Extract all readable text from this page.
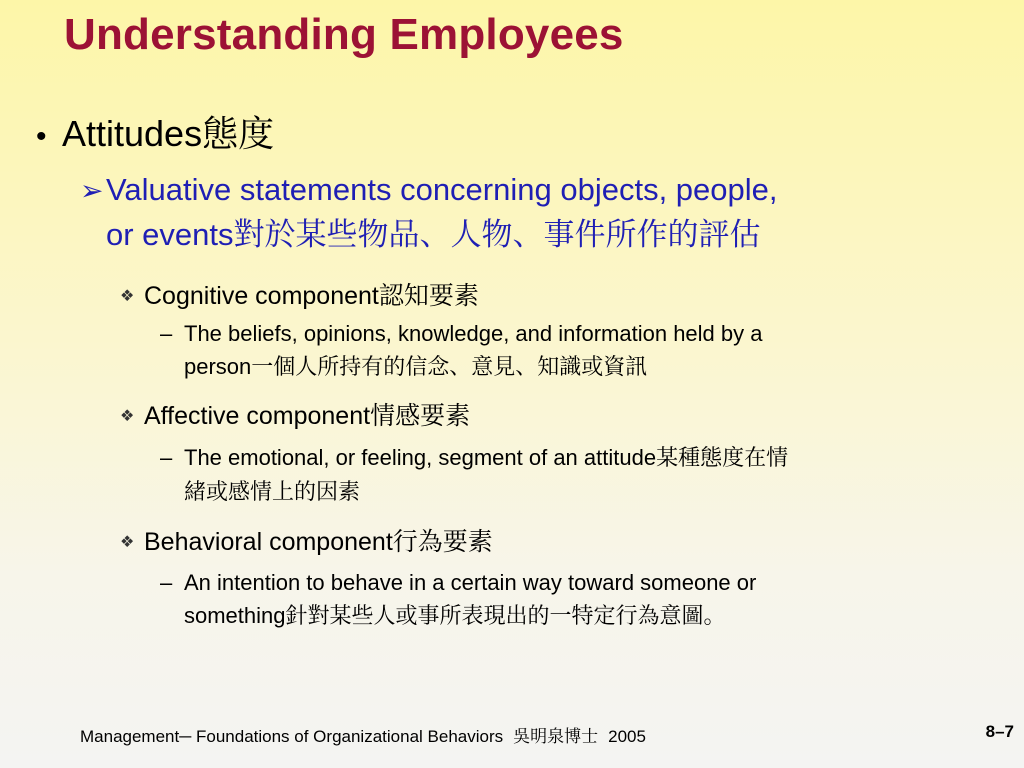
Understanding Employees
• Attitudes態度
➢Valuative statements concerning objects, people,
or events對於某些物品、人物、事件所作的評估
❖ Cognitive component認知要素
– The beliefs, opinions, knowledge, and information held by a
person一個人所持有的信念、意見、知識或資訊
❖ Affective component情感要素
– The emotional, or feeling, segment of an attitude某種態度在情
緒或感情上的因素
❖ Behavioral component行為要素
– An intention to behave in a certain way toward someone or
something針對某些人或事所表現出的一特定行為意圖。
Management─ Foundations of Organizational Behaviors 吳明泉博士 2005	8–7
